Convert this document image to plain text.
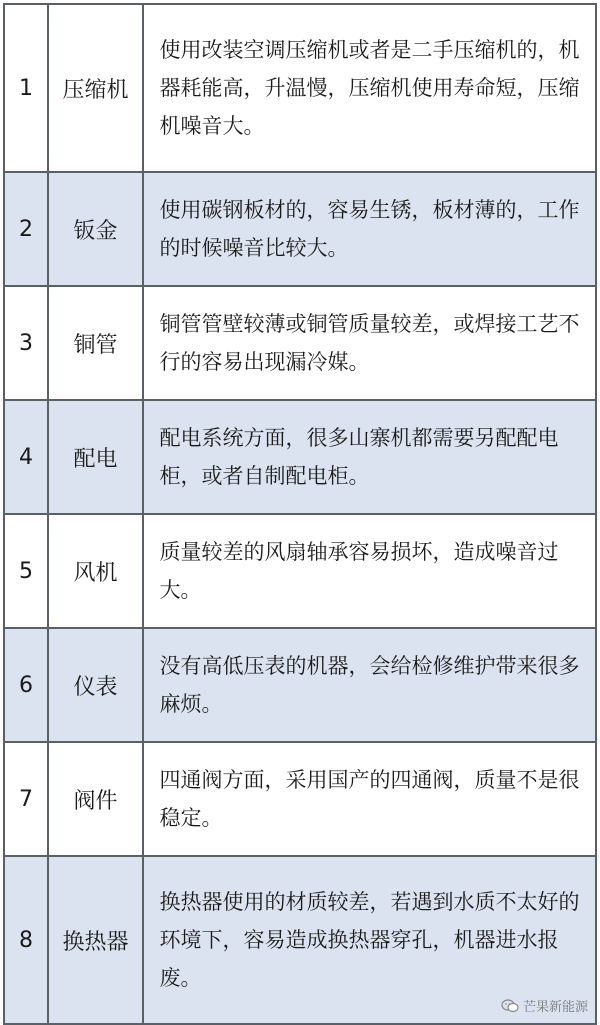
1	压缩机	使用改装空调压缩机或者是二手压缩机的，机器耗能高，升温慢，压缩机使用寿命短，压缩机噪音大。
2	钣金	使用碳钢板材的，容易生锈，板材薄的，工作的时候噪音比较大。
3	铜管	铜管管壁较薄或铜管质量较差，或焊接工艺不行的容易出现漏冷媒。
4	配电	配电系统方面，很多山寨机都需要另配配电柜，或者自制配电柜。
5	风机	质量较差的风扇轴承容易损坏，造成噪音过大。
6	仪表	没有高低压表的机器，会给检修维护带来很多麻烦。
7	阀件	四通阀方面，采用国产的四通阀，质量不是很稳定。
8	换热器	换热器使用的材质较差，若遇到水质不太好的环境下，容易造成换热器穿孔，机器进水报废。
芒果新能源
